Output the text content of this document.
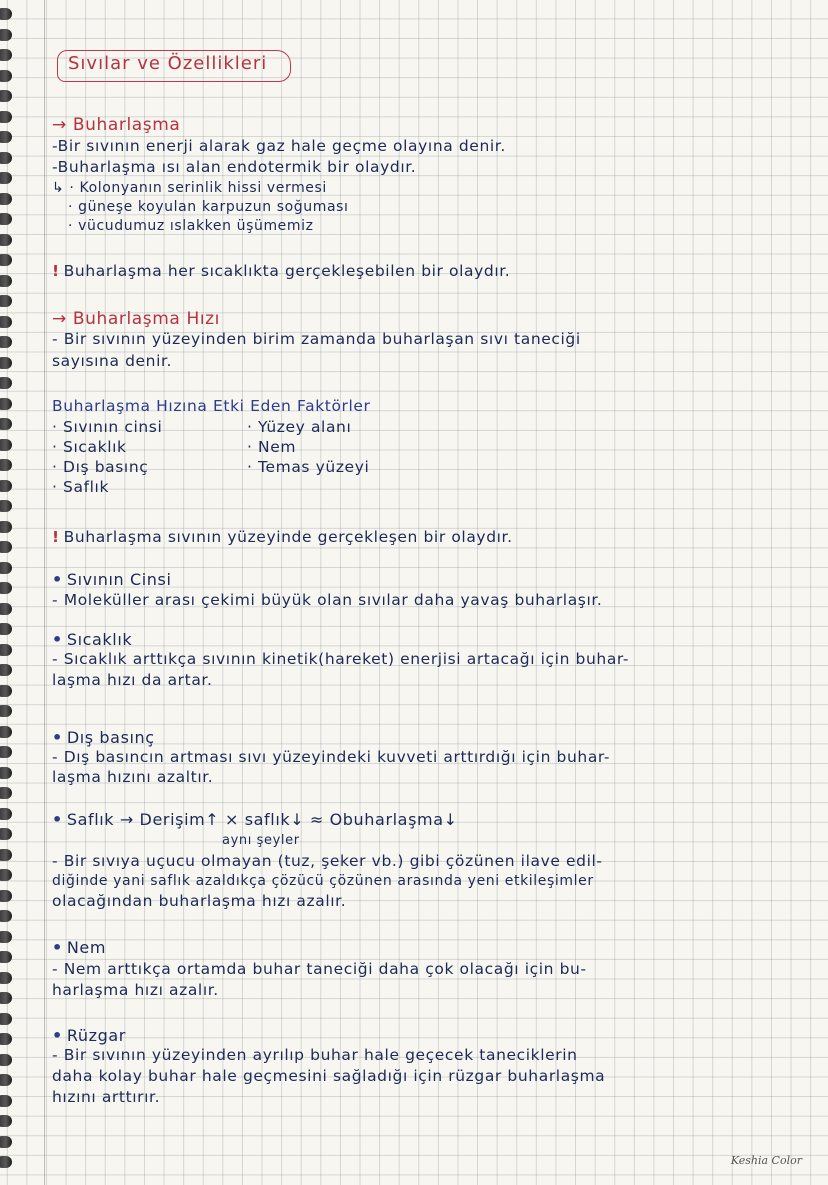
Sıvılar ve Özellikleri
→ Buharlaşma
-Bir sıvının enerji alarak gaz hale geçme olayına denir.
-Buharlaşma ısı alan endotermik bir olaydır.
↳ · Kolonyanın serinlik hissi vermesi
· güneşe koyulan karpuzun soğuması
· vücudumuz ıslakken üşümemiz
! Buharlaşma her sıcaklıkta gerçekleşebilen bir olaydır.
→ Buharlaşma Hızı
- Bir sıvının yüzeyinden birim zamanda buharlaşan sıvı taneciği
sayısına denir.
Buharlaşma Hızına Etki Eden Faktörler
· Sıvının cinsi
· Sıcaklık
· Dış basınç
· Saflık
· Yüzey alanı
· Nem
· Temas yüzeyi
! Buharlaşma sıvının yüzeyinde gerçekleşen bir olaydır.
• Sıvının Cinsi
- Moleküller arası çekimi büyük olan sıvılar daha yavaş buharlaşır.
• Sıcaklık
- Sıcaklık arttıkça sıvının kinetik(hareket) enerjisi artacağı için buhar-
laşma hızı da artar.
• Dış basınç
- Dış basıncın artması sıvı yüzeyindeki kuvveti arttırdığı için buhar-
laşma hızını azaltır.
• Saflık → Derişim↑ × saflık↓ ≈ Obuharlaşma↓
aynı şeyler
- Bir sıvıya uçucu olmayan (tuz, şeker vb.) gibi çözünen ilave edil-
diğinde yani saflık azaldıkça çözücü çözünen arasında yeni etkileşimler
olacağından buharlaşma hızı azalır.
• Nem
- Nem arttıkça ortamda buhar taneciği daha çok olacağı için bu-
harlaşma hızı azalır.
• Rüzgar
- Bir sıvının yüzeyinden ayrılıp buhar hale geçecek taneciklerin
daha kolay buhar hale geçmesini sağladığı için rüzgar buharlaşma
hızını arttırır.
Keshia Color
